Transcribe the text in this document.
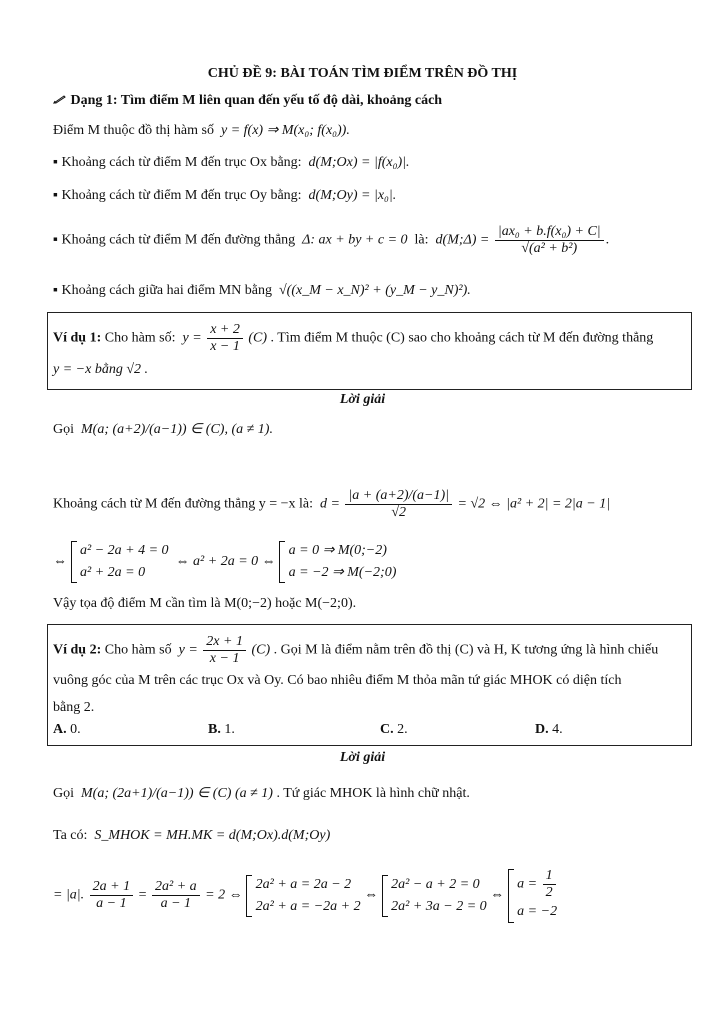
CHỦ ĐỀ 9: BÀI TOÁN TÌM ĐIỂM TRÊN ĐỒ THỊ
Dạng 1: Tìm điểm M liên quan đến yếu tố độ dài, khoảng cách
Điểm M thuộc đồ thị hàm số y = f(x) ⇒ M(x₀; f(x₀)).
▪ Khoảng cách từ điểm M đến trục Ox bằng: d(M;Ox) = |f(x₀)|.
▪ Khoảng cách từ điểm M đến trục Oy bằng: d(M;Oy) = |x₀|.
▪ Khoảng cách từ điểm M đến đường thẳng Δ: ax + by + c = 0 là: d(M;Δ) = $\frac{\text{|ax₀ + b.f(x₀) + C|}}{\text{√(a² + b²)}}$ .
▪ Khoảng cách giữa hai điểm MN bằng √((x_M − x_N)² + (y_M − y_N)²).
Ví dụ 1: Cho hàm số: $y = \frac{x + 2}{x - 1} (C)$ . Tìm điểm M thuộc (C) sao cho khoảng cách từ M đến đường thẳng
y = −x bằng √2 .
Lời giải
Gọi M(a; (a+2)/(a−1)) ∈ (C), (a ≠ 1).
Khoảng cách từ M đến đường thẳng y = −x là: $d = \frac{|a + (a+2)/(a-1)|}{√2} = √2$ ⇔ |a² + 2| = 2|a − 1|
⇔
a² − 2a + 4 = 0
a² + 2a = 0
⇔ a² + 2a = 0 ⇔
a = 0 ⇒ M(0;−2)
a = −2 ⇒ M(−2;0)
Vậy tọa độ điểm M cần tìm là M(0;−2) hoặc M(−2;0).
Ví dụ 2: Cho hàm số $y = \frac{2x + 1}{x - 1} (C)$ . Gọi M là điểm nằm trên đồ thị (C) và H, K tương ứng là hình chiếu
vuông góc của M trên các trục Ox và Oy. Có bao nhiêu điểm M thỏa mãn tứ giác MHOK có diện tích
bằng 2.
A. 0.	B. 1.	C. 2.	D. 4.
Lời giải
Gọi M(a; (2a+1)/(a−1)) ∈ (C) (a ≠ 1) . Tứ giác MHOK là hình chữ nhật.
Ta có: S_MHOK = MH.MK = d(M;Ox).d(M;Oy)
= |a|. $\frac{2a + 1}{a - 1} = \frac{\text{2a² + a}}{a - 1} = 2$ ⇔
2a² + a = 2a − 2
2a² + a = −2a + 2
⇔
2a² − a + 2 = 0
2a² + 3a − 2 = 0
⇔
$a = \frac{1}{2}$
a = −2
